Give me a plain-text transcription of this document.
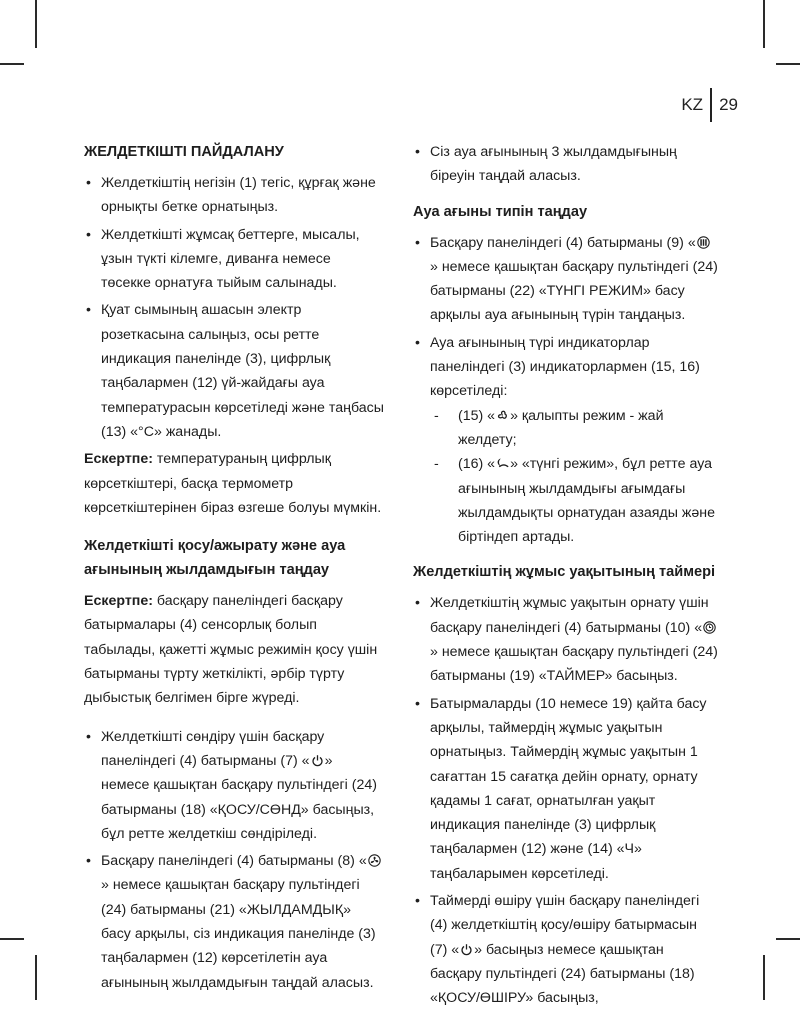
KZ 29
ЖЕЛДЕТКІШТІ ПАЙДАЛАНУ
• Желдеткіштің негізін (1) тегіс, құрғақ және орнықты бетке орнатыңыз.
• Желдеткішті жұмсақ беттерге, мысалы, ұзын түкті кілемге, диванға немесе төсекке орнатуға тыйым салынады.
• Қуат сымының ашасын электр розеткасына салыңыз, осы ретте индикация панелінде (3), цифрлық таңбалармен (12) үй-жайдағы ауа температурасын көрсетіледі және таңбасы (13) «°С» жанады.

Ескертпе: температураның цифрлық көрсеткіштері, басқа термометр көрсеткіштерінен біраз өзгеше болуы мүмкін.

Желдеткішті қосу/ажырату және ауа ағынының жылдамдығын таңдау

Ескертпе: басқару панеліндегі басқару батырмалары (4) сенсорлық болып табылады, қажетті жұмыс режимін қосу үшін батырманы түрту жеткілікті, әрбір түрту дыбыстық белгімен бірге жүреді.

• Желдеткішті сөндіру үшін басқару панеліндегі (4) батырманы (7) « » немесе қашықтан басқару пультіндегі (24) батырманы (18) «ҚОСУ/СӨНД» басыңыз, бұл ретте желдеткіш сөндіріледі.
• Басқару панеліндегі (4) батырманы (8) «
» немесе қашықтан басқару пультіндегі (24) батырманы (21) «ЖЫЛДАМДЫҚ» басу арқылы, сіз индикация панелінде (3) таңбалармен (12) көрсетілетін ауа ағынының жылдамдығын таңдай аласыз.
• Сіз ауа ағынының 3 жылдамдығының біреуін таңдай аласыз.
Ауа ағыны типін таңдау
• Басқару панеліндегі (4) батырманы (9) «
» немесе қашықтан басқару пультіндегі (24) батырманы (22) «ТҮНГІ РЕЖИМ» басу арқылы ауа ағынының түрін таңдаңыз.
• Ауа ағынының түрі индикаторлар панеліндегі (3) индикаторлармен (15, 16) көрсетіледі:
- (15) « » қалыпты режим - жай желдету;
- (16) « » «түнгі режим», бұл ретте ауа ағынының жылдамдығы ағымдағы жылдамдықты орнатудан азаяды және біртіндеп артады.
Желдеткіштің жұмыс уақытының таймері
• Желдеткіштің жұмыс уақытын орнату үшін басқару панеліндегі (4) батырманы (10) «
» немесе қашықтан басқару пультіндегі (24) батырманы (19) «ТАЙМЕР» басыңыз.
• Батырмаларды (10 немесе 19) қайта басу арқылы, таймердің жұмыс уақытын орнатыңыз. Таймердің жұмыс уақытын 1 сағаттан 15 сағатқа дейін орнату, орнату қадамы 1 сағат, орнатылған уақыт индикация панелінде (3) цифрлық таңбалармен (12) және (14) «Ч» таңбаларымен көрсетіледі.
• Таймерді өшіру үшін басқару панеліндегі (4) желдеткіштің қосу/өшіру батырмасын (7) « » басыңыз немесе қашықтан басқару пультіндегі (24) батырманы (18) «ҚОСУ/ӨШІРУ» басыңыз,
